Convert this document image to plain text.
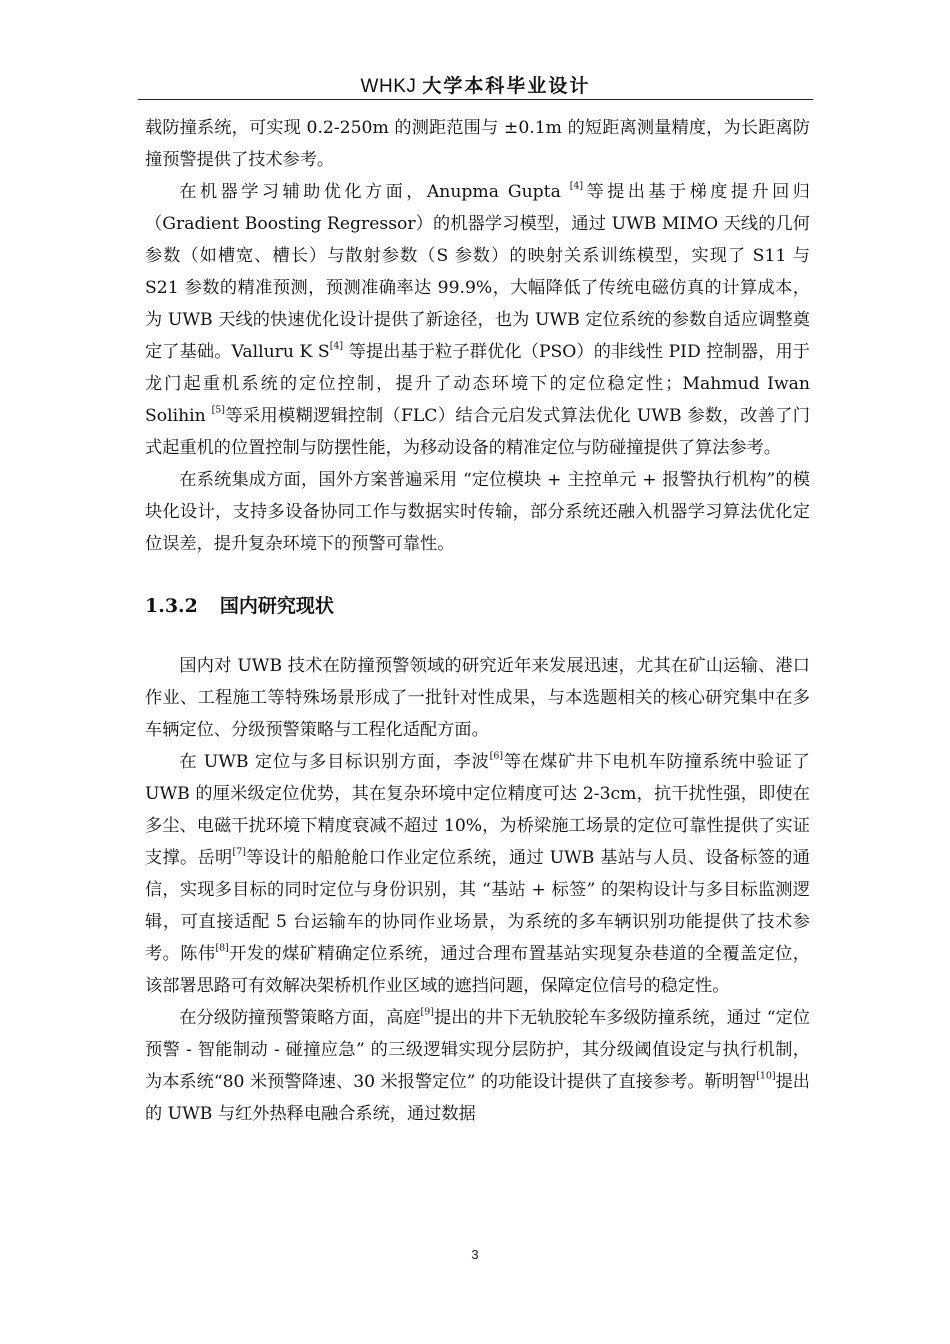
WHKJ 大学本科毕业设计

载防撞系统，可实现 0.2-250m 的测距范围与 ±0.1m 的短距离测量精度，为长距离防撞预警提供了技术参考。

在机器学习辅助优化方面，Anupma Gupta [4]等提出基于梯度提升回归（Gradient Boosting Regressor）的机器学习模型，通过 UWB MIMO 天线的几何参数（如槽宽、槽长）与散射参数（S 参数）的映射关系训练模型，实现了 S11 与 S21 参数的精准预测，预测准确率达 99.9%，大幅降低了传统电磁仿真的计算成本，为 UWB 天线的快速优化设计提供了新途径，也为 UWB 定位系统的参数自适应调整奠定了基础。Valluru K S[4] 等提出基于粒子群优化（PSO）的非线性 PID 控制器，用于龙门起重机系统的定位控制，提升了动态环境下的定位稳定性；Mahmud Iwan Solihin [5]等采用模糊逻辑控制（FLC）结合元启发式算法优化 UWB 参数，改善了门式起重机的位置控制与防摆性能，为移动设备的精准定位与防碰撞提供了算法参考。

在系统集成方面，国外方案普遍采用 “定位模块 + 主控单元 + 报警执行机构”的模块化设计，支持多设备协同工作与数据实时传输，部分系统还融入机器学习算法优化定位误差，提升复杂环境下的预警可靠性。

1.3.2 国内研究现状

国内对 UWB 技术在防撞预警领域的研究近年来发展迅速，尤其在矿山运输、港口作业、工程施工等特殊场景形成了一批针对性成果，与本选题相关的核心研究集中在多车辆定位、分级预警策略与工程化适配方面。

在 UWB 定位与多目标识别方面，李波[6]等在煤矿井下电机车防撞系统中验证了 UWB 的厘米级定位优势，其在复杂环境中定位精度可达 2-3cm，抗干扰性强，即使在多尘、电磁干扰环境下精度衰减不超过 10%，为桥梁施工场景的定位可靠性提供了实证支撑。岳明[7]等设计的船舱舱口作业定位系统，通过 UWB 基站与人员、设备标签的通信，实现多目标的同时定位与身份识别，其 “基站 + 标签” 的架构设计与多目标监测逻辑，可直接适配 5 台运输车的协同作业场景，为系统的多车辆识别功能提供了技术参考。陈伟[8]开发的煤矿精确定位系统，通过合理布置基站实现复杂巷道的全覆盖定位，该部署思路可有效解决架桥机作业区域的遮挡问题，保障定位信号的稳定性。

在分级防撞预警策略方面，高庭[9]提出的井下无轨胶轮车多级防撞系统，通过 “定位预警 - 智能制动 - 碰撞应急” 的三级逻辑实现分层防护，其分级阈值设定与执行机制，为本系统“80 米预警降速、30 米报警定位” 的功能设计提供了直接参考。靳明智[10]提出的 UWB 与红外热释电融合系统，通过数据

3
